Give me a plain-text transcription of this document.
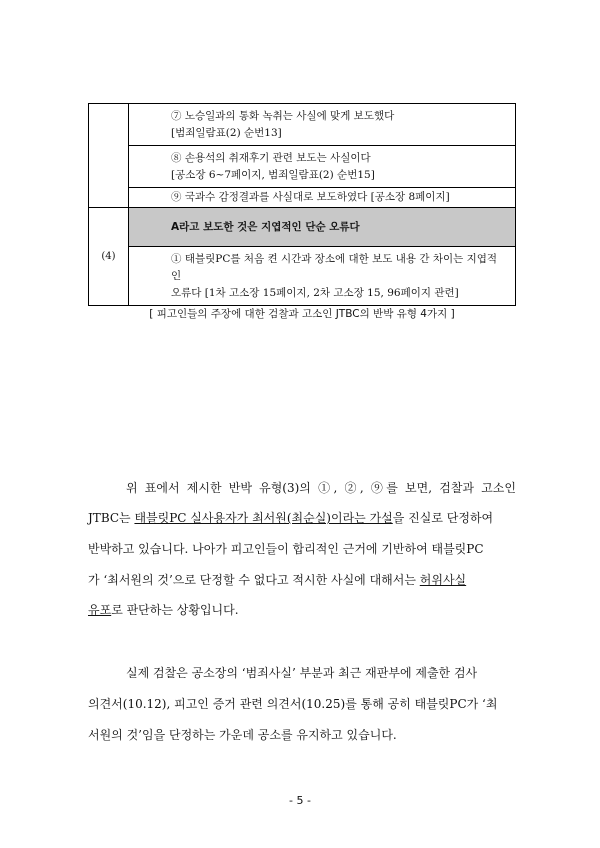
	⑦ 노승일과의 통화 녹취는 사실에 맞게 보도했다
[범죄일람표(2) 순번13]

	⑧ 손용석의 취재후기 관련 보도는 사실이다
[공소장 6~7페이지, 범죄일람표(2) 순번15]

	⑨ 국과수 감정결과를 사실대로 보도하였다 [공소장 8페이지]

(4)	A라고 보도한 것은 지엽적인 단순 오류다

	① 태블릿PC를 처음 켠 시간과 장소에 대한 보도 내용 간 차이는 지엽적인
오류다 [1차 고소장 15페이지, 2차 고소장 15, 96페이지 관련]
[ 피고인들의 주장에 대한 검찰과 고소인 JTBC의 반박 유형 4가지 ]
위 표에서 제시한 반박 유형(3)의 ①, ②, ⑨를 보면, 검찰과 고소인
JTBC는 태블릿PC 실사용자가 최서원(최순실)이라는 가설을 진실로 단정하여
반박하고 있습니다. 나아가 피고인들이 합리적인 근거에 기반하여 태블릿PC
가 ‘최서원의 것’으로 단정할 수 없다고 적시한 사실에 대해서는 허위사실
유포로 판단하는 상황입니다.
실제 검찰은 공소장의 ‘범죄사실’ 부분과 최근 재판부에 제출한 검사
의견서(10.12), 피고인 증거 관련 의견서(10.25)를 통해 공히 태블릿PC가 ‘최
서원의 것’임을 단정하는 가운데 공소를 유지하고 있습니다.
- 5 -
